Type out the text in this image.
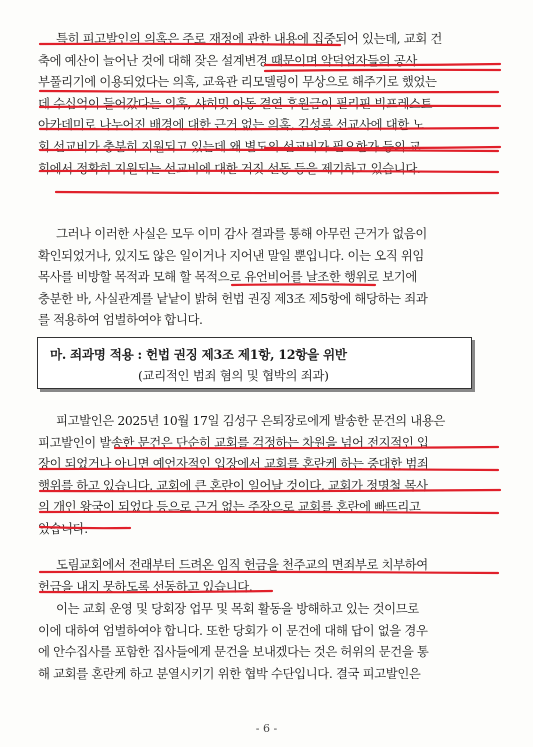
특히 피고발인의 의혹은 주로 재정에 관한 내용에 집중되어 있는데, 교회 건
축에 예산이 늘어난 것에 대해 잦은 설계변경 때문이며 악덕업자들의 공사
부풀리기에 이용되었다는 의혹, 교육관 리모델링이 무상으로 해주기로 했었는
데 수십억이 들어갔다는 의혹, 샤히밋 아동 결연 후원금이 필리핀 빅프레스트
아카데미로 나누어진 배경에 대한 근거 없는 의혹, 김성록 선교사에 대한 노
회 선교비가 충분히 지원되고 있는데 왜 별도의 선교비가 필요한가 등의 교
회에서 정확히 지원되는 선교비에 대한 거짓 선동 등을 제기하고 있습니다.
그러나 이러한 사실은 모두 이미 감사 결과를 통해 아무런 근거가 없음이
확인되었거나, 있지도 않은 일이거나 지어낸 말일 뿐입니다. 이는 오직 위임
목사를 비방할 목적과 모해 할 목적으로 유언비어를 날조한 행위로 보기에
충분한 바, 사실관계를 낱낱이 밝혀 헌법 권징 제3조 제5항에 해당하는 죄과
를 적용하여 엄벌하여야 합니다.
마. 죄과명 적용 : 헌법 권징 제3조 제1항, 12항을 위반
(교리적인 범죄 혐의 및 협박의 죄과)
피고발인은 2025년 10월 17일 김성구 은퇴장로에게 발송한 문건의 내용은
피고발인이 발송한 문건은 단순히 교회를 걱정하는 차원을 넘어 전지적인 입
장이 되었거나 아니면 예언자적인 입장에서 교회를 혼란케 하는 중대한 범죄
행위를 하고 있습니다. 교회에 큰 혼란이 일어날 것이다, 교회가 정명철 목사
의 개인 왕국이 되었다 등으로 근거 없는 주장으로 교회를 혼란에 빠뜨리고
있습니다.
도림교회에서 전래부터 드려온 임직 헌금을 천주교의 면죄부로 치부하여
헌금을 내지 못하도록 선동하고 있습니다.
이는 교회 운영 및 당회장 업무 및 목회 활동을 방해하고 있는 것이므로
이에 대하여 엄벌하여야 합니다. 또한 당회가 이 문건에 대해 답이 없을 경우
에 안수집사를 포함한 집사들에게 문건을 보내겠다는 것은 허위의 문건을 통
해 교회를 혼란케 하고 분열시키기 위한 협박 수단입니다. 결국 피고발인은
- 6 -
